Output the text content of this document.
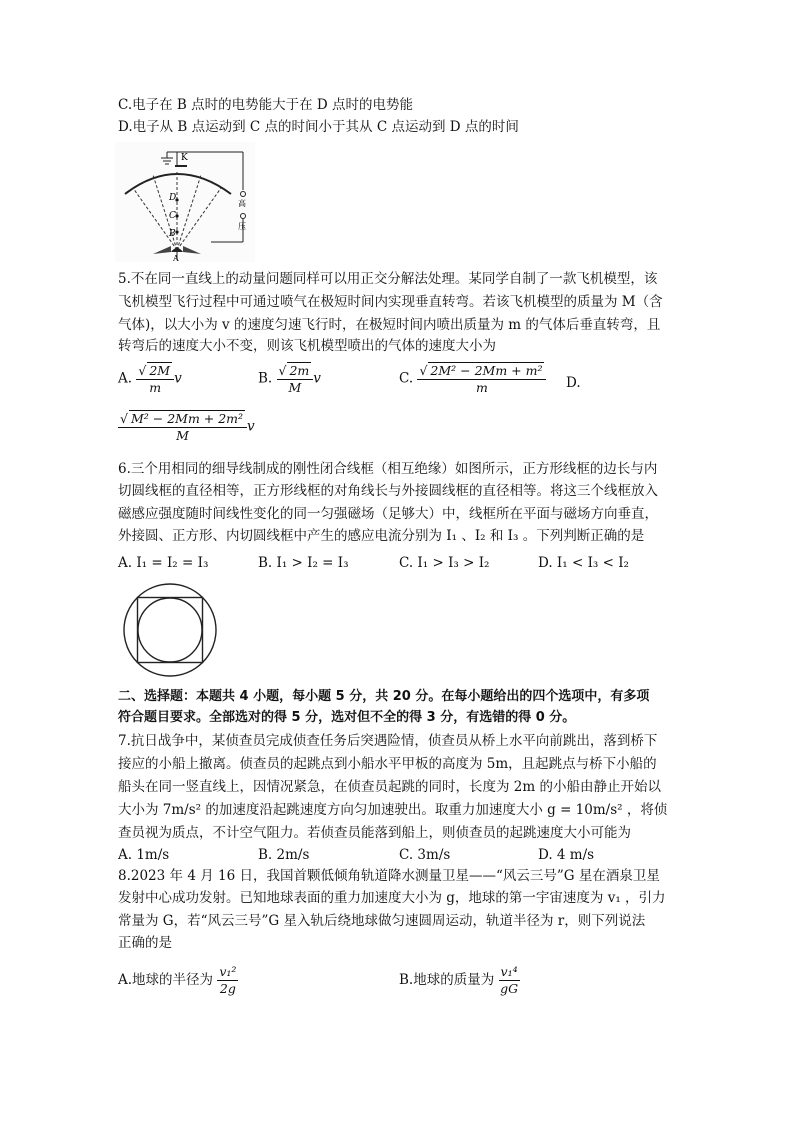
C.电子在 B 点时的电势能大于在 D 点时的电势能
D.电子从 B 点运动到 C 点的时间小于其从 C 点运动到 D 点的时间
K
D
C
B
A
高
压
5.不在同一直线上的动量问题同样可以用正交分解法处理。某同学自制了一款飞机模型，该
飞机模型飞行过程中可通过喷气在极短时间内实现垂直转弯。若该飞机模型的质量为 M（含
气体)，以大小为 v 的速度匀速飞行时，在极短时间内喷出质量为 m 的气体后垂直转弯，且
转弯后的速度大小不变，则该飞机模型喷出的气体的速度大小为
A. $\frac{√ 2M}{m}$ v	B. $\frac{√ 2m}{M}$ v	C. $\frac{\text{√ 2M² − 2Mm + m²}}{m} D$.
$\frac{\text{√ M² − 2Mm + 2m²}}{M}$ v
6.三个用相同的细导线制成的刚性闭合线框（相互绝缘）如图所示，正方形线框的边长与内
切圆线框的直径相等，正方形线框的对角线长与外接圆线框的直径相等。将这三个线框放入
磁感应强度随时间线性变化的同一匀强磁场（足够大）中，线框所在平面与磁场方向垂直，
外接圆、正方形、内切圆线框中产生的感应电流分别为 I₁ 、I₂ 和 I₃ 。下列判断正确的是
A. I₁ = I₂ = I₃	B. I₁ > I₂ = I₃	C. I₁ > I₃ > I₂	D. I₁ < I₃ < I₂
二、选择题：本题共 4 小题，每小题 5 分，共 20 分。在每小题给出的四个选项中，有多项
符合题目要求。全部选对的得 5 分，选对但不全的得 3 分，有选错的得 0 分。
7.抗日战争中，某侦查员完成侦查任务后突遇险情，侦查员从桥上水平向前跳出，落到桥下
接应的小船上撤离。侦查员的起跳点到小船水平甲板的高度为 5m，且起跳点与桥下小船的
船头在同一竖直线上，因情况紧急，在侦查员起跳的同时，长度为 2m 的小船由静止开始以
大小为 7m/s² 的加速度沿起跳速度方向匀加速驶出。取重力加速度大小 g = 10m/s² ，将侦
查员视为质点，不计空气阻力。若侦查员能落到船上，则侦查员的起跳速度大小可能为
A. 1m/s	B. 2m/s	C. 3m/s	D. 4 m/s
8.2023 年 4 月 16 日，我国首颗低倾角轨道降水测量卫星——“风云三号”G 星在酒泉卫星
发射中心成功发射。已知地球表面的重力加速度大小为 g，地球的第一宇宙速度为 v₁ ，引力
常量为 G，若“风云三号”G 星入轨后绕地球做匀速圆周运动，轨道半径为 r，则下列说法
正确的是
A.地球的半径为 $\frac{\text{v₁²}}{2g}$	B.地球的质量为 $\frac{\text{v₁⁴}}{gG}$
